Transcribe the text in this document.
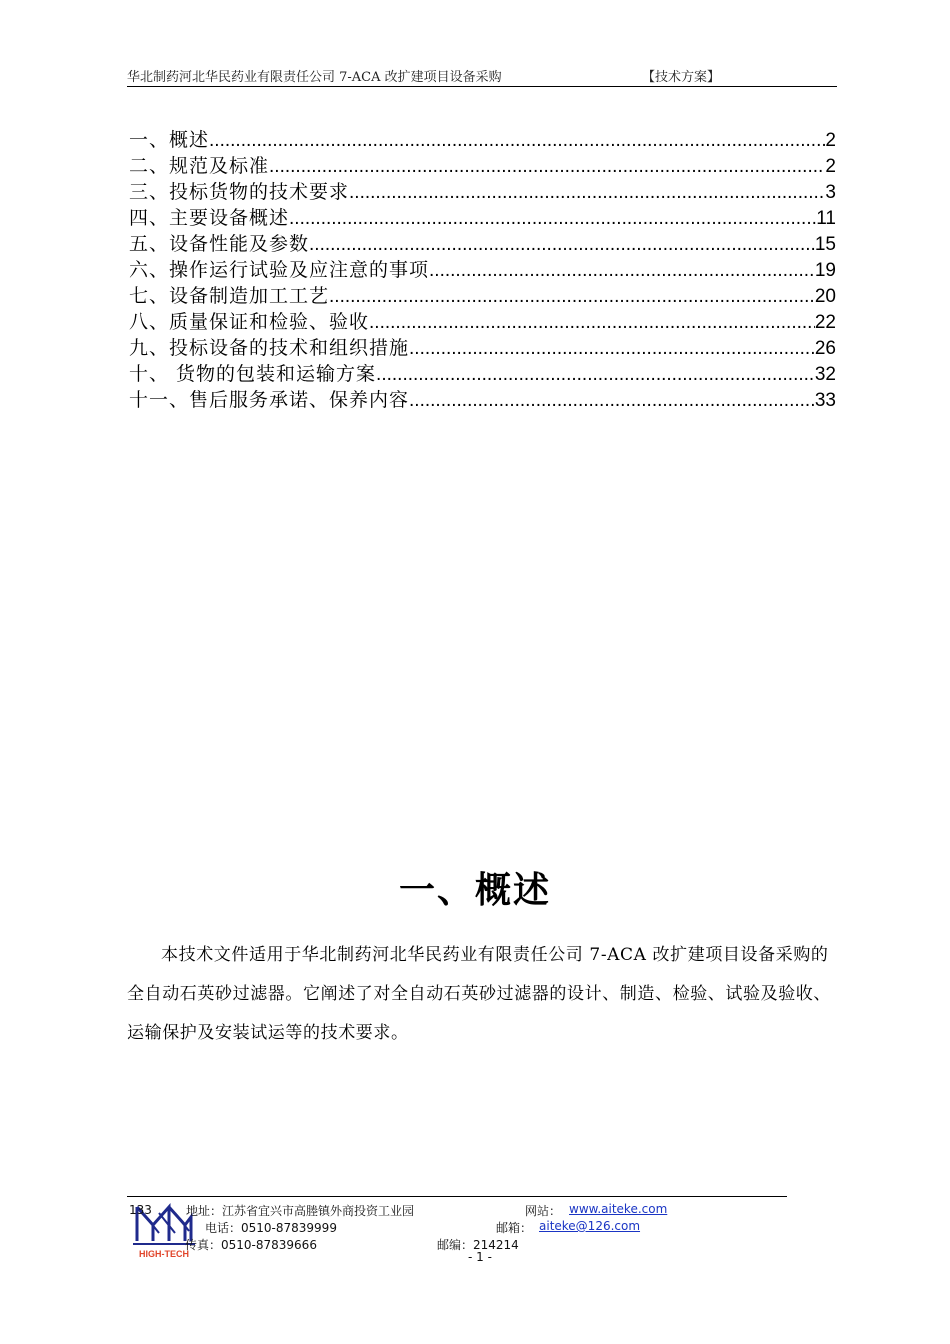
华北制药河北华民药业有限责任公司 7-ACA 改扩建项目设备采购	【技术方案】
一、概述 .....	2
二、规范及标准 .....	2
三、投标货物的技术要求 .....	3
四、主要设备概述 .....	11
五、设备性能及参数 .....	15
六、操作运行试验及应注意的事项 .....	19
七、设备制造加工工艺 .....	20
八、质量保证和检验、验收 .....	22
九、投标设备的技术和组织措施 .....	26
十、 货物的包装和运输方案 .....	32
十一、售后服务承诺、保养内容 .....	33
一、概述
本技术文件适用于华北制药河北华民药业有限责任公司 7-ACA 改扩建项目设备采购的全自动石英砂过滤器。它阐述了对全自动石英砂过滤器的设计、制造、检验、试验及验收、运输保护及安装试运等的技术要求。
HIGH-TECH
133	地址：江苏省宜兴市高塍镇外商投资工业园	网站： www.aiteke.com
电话：0510-87839999	邮箱： aiteke@126.com
传真：0510-87839666	邮编：214214
- 1 -
